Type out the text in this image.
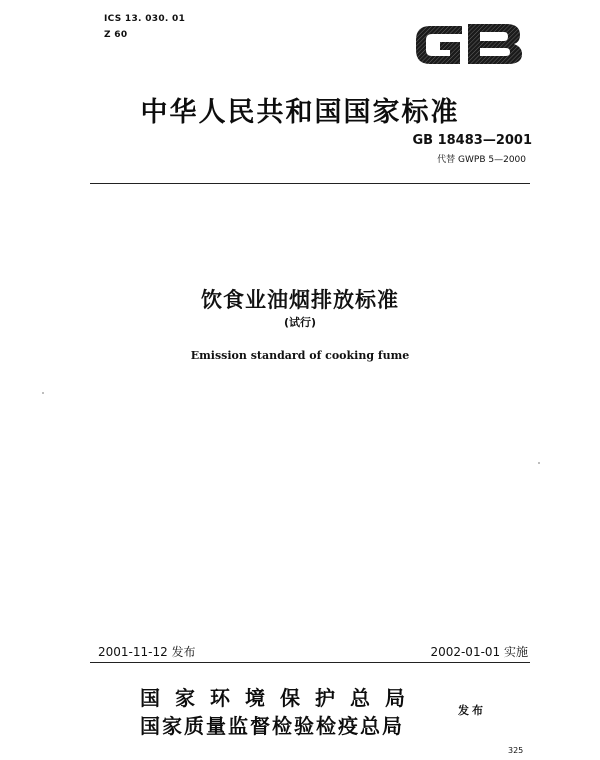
ICS 13. 030. 01
Z 60
中华人民共和国国家标准
GB 18483—2001
代替 GWPB 5—2000
饮食业油烟排放标准
(试行)
Emission standard of cooking fume
2001-11-12 发布	2002-01-01 实施
国家环境保护总局
国家质量监督检验检疫总局
发布
325
